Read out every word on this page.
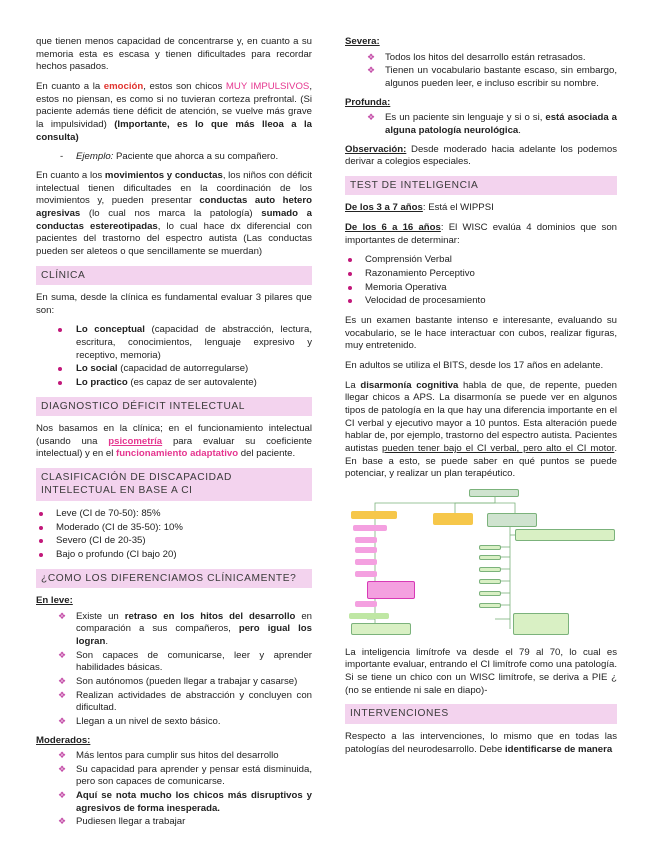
que tienen menos capacidad de concentrarse y, en cuanto a su memoria esta es escasa y tienen dificultades para recordar hechos pasados.

En cuanto a la emoción, estos son chicos MUY IMPULSIVOS, estos no piensan, es como si no tuvieran corteza prefrontal. (Si paciente además tiene déficit de atención, se vuelve más grave la impulsividad) (Importante, es lo que más lleoa a la consulta)

- Ejemplo: Paciente que ahorca a su compañero.

En cuanto a los movimientos y conductas, los niños con déficit intelectual tienen dificultades en la coordinación de los movimientos y, pueden presentar conductas auto hetero agresivas (lo cual nos marca la patología) sumado a conductas estereotipadas, lo cual hace dx diferencial con pacientes del trastorno del espectro autista (Las conductas pueden ser aleteos o que sencillamente se muerdan)

CLÍNICA

En suma, desde la clínica es fundamental evaluar 3 pilares que son:

Lo conceptual (capacidad de abstracción, lectura, escritura, conocimientos, lenguaje expresivo y receptivo, memoria)
Lo social (capacidad de autorregularse)
Lo practico (es capaz de ser autovalente)
DIAGNOSTICO DÉFICIT INTELECTUAL

Nos basamos en la clínica; en el funcionamiento intelectual (usando una psicometría para evaluar su coeficiente intelectual) y en el funcionamiento adaptativo del paciente.

CLASIFICACIÓN DE DISCAPACIDAD INTELECTUAL EN BASE A CI
Leve (CI de 70-50): 85%
Moderado (CI de 35-50): 10%
Severo (CI de 20-35)
Bajo o profundo (CI bajo 20)
¿COMO LOS DIFERENCIAMOS CLÍNICAMENTE?
En leve:
❖ Existe un retraso en los hitos del desarrollo en comparación a sus compañeros, pero igual los logran.
❖ Son capaces de comunicarse, leer y aprender habilidades básicas.
❖ Son autónomos (pueden llegar a trabajar y casarse)
❖ Realizan actividades de abstracción y concluyen con dificultad.
❖ Llegan a un nivel de sexto básico.
Moderados:
❖ Más lentos para cumplir sus hitos del desarrollo
❖ Su capacidad para aprender y pensar está disminuida, pero son capaces de comunicarse.
❖ Aquí se nota mucho los chicos más disruptivos y agresivos de forma inesperada.
❖ Pudiesen llegar a trabajar
Severa:
❖ Todos los hitos del desarrollo están retrasados.
❖ Tienen un vocabulario bastante escaso, sin embargo, algunos pueden leer, e incluso escribir su nombre.
Profunda:
❖ Es un paciente sin lenguaje y si o si, está asociada a alguna patología neurológica.

Observación: Desde moderado hacia adelante los podemos derivar a colegios especiales.

TEST DE INTELIGENCIA

De los 3 a 7 años: Está el WIPPSI

De los 6 a 16 años: El WISC evalúa 4 dominios que son importantes de determinar:

Comprensión Verbal
Razonamiento Perceptivo
Memoria Operativa
Velocidad de procesamiento

Es un examen bastante intenso e interesante, evaluando su vocabulario, se le hace interactuar con cubos, realizar figuras, muy entretenido.

En adultos se utiliza el BITS, desde los 17 años en adelante.

La disarmonía cognitiva habla de que, de repente, pueden llegar chicos a APS. La disarmonía se puede ver en algunos tipos de patología en la que hay una diferencia importante en el CI verbal y ejecutivo mayor a 10 puntos. Esta alteración puede hablar de, por ejemplo, trastorno del espectro autista. Pacientes autistas pueden tener bajo el CI verbal, pero alto el CI motor. En base a esto, se puede saber en qué puntos se puede potenciar, y realizar un plan terapéutico.

La inteligencia limítrofe va desde el 79 al 70, lo cual es importante evaluar, entrando el CI limítrofe como una patología. Si se tiene un chico con un WISC limítrofe, se deriva a PIE ¿ (no se entiende ni sale en diapo)-

INTERVENCIONES

Respecto a las intervenciones, lo mismo que en todas las patologías del neurodesarrollo. Debe identificarse de manera
